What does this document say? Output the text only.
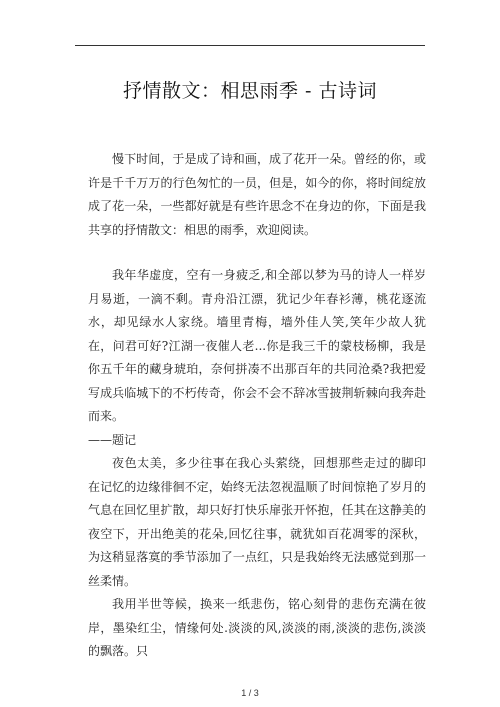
抒情散文：相思雨季 - 古诗词

慢下时间，于是成了诗和画，成了花开一朵。曾经的你，或许是千千万万的行色匆忙的一员，但是，如今的你，将时间绽放成了花一朵，一些都好就是有些许思念不在身边的你，下面是我共享的抒情散文：相思的雨季，欢迎阅读。

我年华虚度，空有一身疲乏,和全部以梦为马的诗人一样岁月易逝，一滴不剩。青舟沿江漂，犹记少年春衫薄，桃花逐流水，却见绿水人家绕。墙里青梅，墙外佳人笑,笑年少故人犹在，问君可好?江湖一夜催人老...你是我三千的蒙枝杨柳，我是你五千年的藏身琥珀，奈何拼凑不出那百年的共同沧桑?我把爱写成兵临城下的不朽传奇，你会不会不辞冰雪披荆斩棘向我奔赴而来。

——题记

夜色太美，多少往事在我心头萦绕，回想那些走过的脚印　　在记忆的边缘徘徊不定，始终无法忽视温顺了时间惊艳了岁月的气息在回忆里扩散，却只好打快乐扉张开怀抱，任其在这静美的夜空下，开出绝美的花朵,回忆往事，就犹如百花凋零的深秋，为这稍显落寞的季节添加了一点红，只是我始终无法感觉到那一丝柔情。

我用半世等候，换来一纸悲伤，铭心刻骨的悲伤充满在彼岸，墨染红尘，情缘何处.淡淡的风,淡淡的雨,淡淡的悲伤,淡淡的飘落。只

1 / 3
